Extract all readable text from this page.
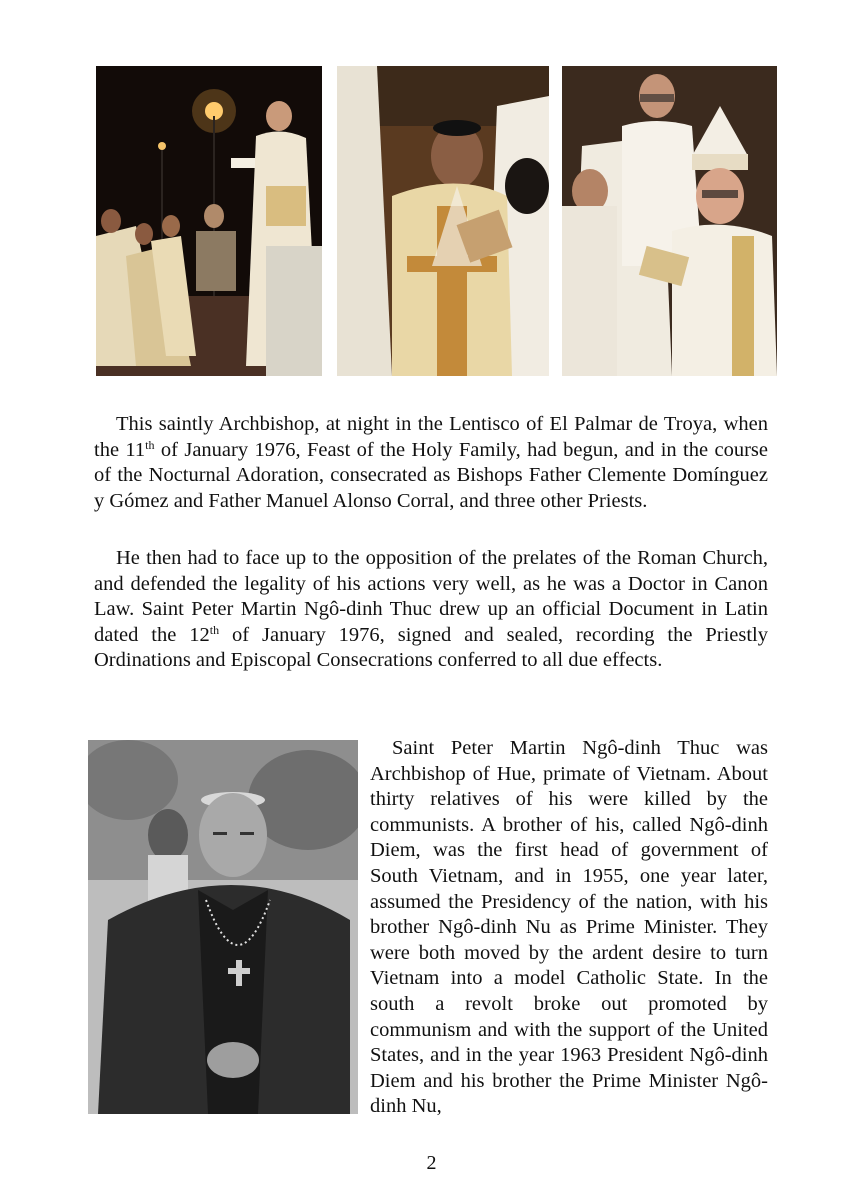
This saintly Archbishop, at night in the Lentisco of El Palmar de Troya, when the 11th of January 1976, Feast of the Holy Family, had begun, and in the course of the Nocturnal Adoration, consecrated as Bishops Father Clemente Domínguez y Gómez and Father Manuel Alonso Corral, and three other Priests.

He then had to face up to the opposition of the prelates of the Roman Church, and defended the legality of his actions very well, as he was a Doctor in Canon Law. Saint Peter Martin Ngô-dinh Thuc drew up an official Document in Latin dated the 12th of January 1976, signed and sealed, recording the Priestly Ordinations and Episcopal Consecrations conferred to all due effects.

Saint Peter Martin Ngô-dinh Thuc was Archbishop of Hue, primate of Vietnam. About thirty relatives of his were killed by the communists. A brother of his, called Ngô-dinh Diem, was the first head of government of South Vietnam, and in 1955, one year later, assumed the Presidency of the nation, with his brother Ngô-dinh Nu as Prime Minister. They were both moved by the ardent desire to turn Vietnam into a model Catholic State. In the south a revolt broke out promoted by communism and with the support of the United States, and in the year 1963 President Ngô-dinh Diem and his brother the Prime Minister Ngô-dinh Nu,

2
